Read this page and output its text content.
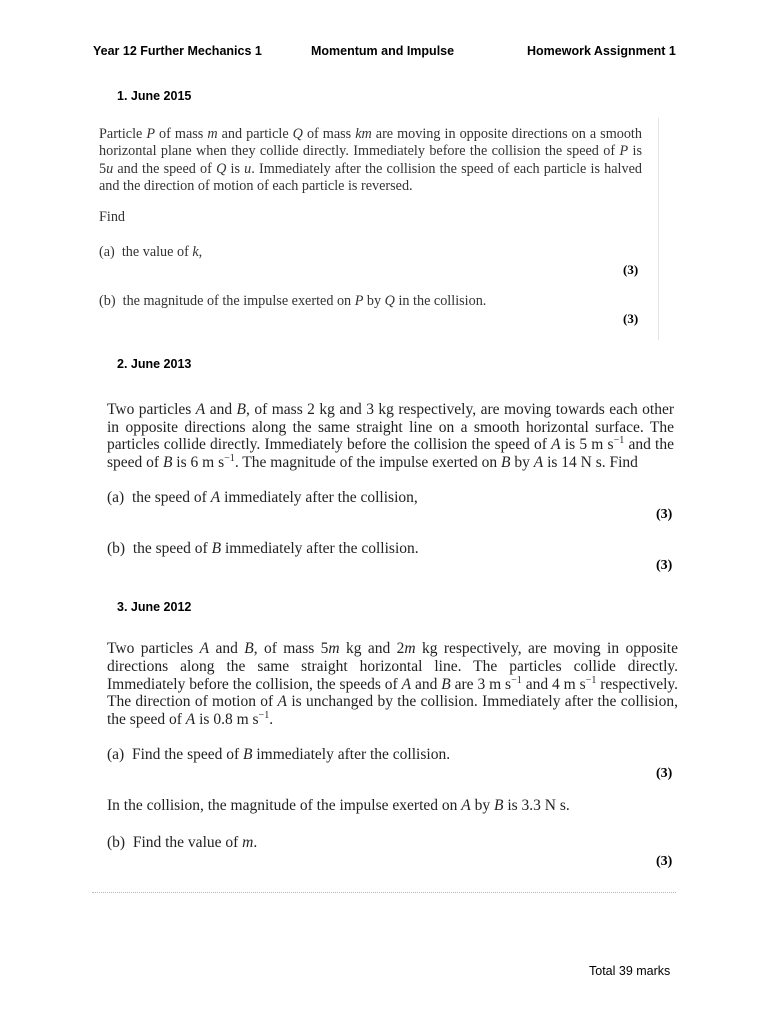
Year 12 Further Mechanics 1	Momentum and Impulse	Homework Assignment 1
1. June 2015

Particle P of mass m and particle Q of mass km are moving in opposite directions on a smooth horizontal plane when they collide directly. Immediately before the collision the speed of P is 5u and the speed of Q is u. Immediately after the collision the speed of each particle is halved and the direction of motion of each particle is reversed.

Find
(a)  the value of k,
(3)
(b)  the magnitude of the impulse exerted on P by Q in the collision.
(3)
2. June 2013

Two particles A and B, of mass 2 kg and 3 kg respectively, are moving towards each other in opposite directions along the same straight line on a smooth horizontal surface. The particles collide directly. Immediately before the collision the speed of A is 5 m $s^{-1}$ and the speed of B is 6 m $s^{-1}$. The magnitude of the impulse exerted on B by A is 14 N s. Find

(a)  the speed of A immediately after the collision,
(3)
(b)  the speed of B immediately after the collision.
(3)
3. June 2012

Two particles A and B, of mass 5m kg and 2m kg respectively, are moving in opposite directions along the same straight horizontal line. The particles collide directly. Immediately before the collision, the speeds of A and B are 3 m $s^{-1}$ and 4 m $s^{-1}$ respectively. The direction of motion of A is unchanged by the collision. Immediately after the collision, the speed of A is 0.8 m $s^{-1}$.

(a)  Find the speed of B immediately after the collision.
(3)
In the collision, the magnitude of the impulse exerted on A by B is 3.3 N s.
(b)  Find the value of m.
(3)
Total 39 marks
